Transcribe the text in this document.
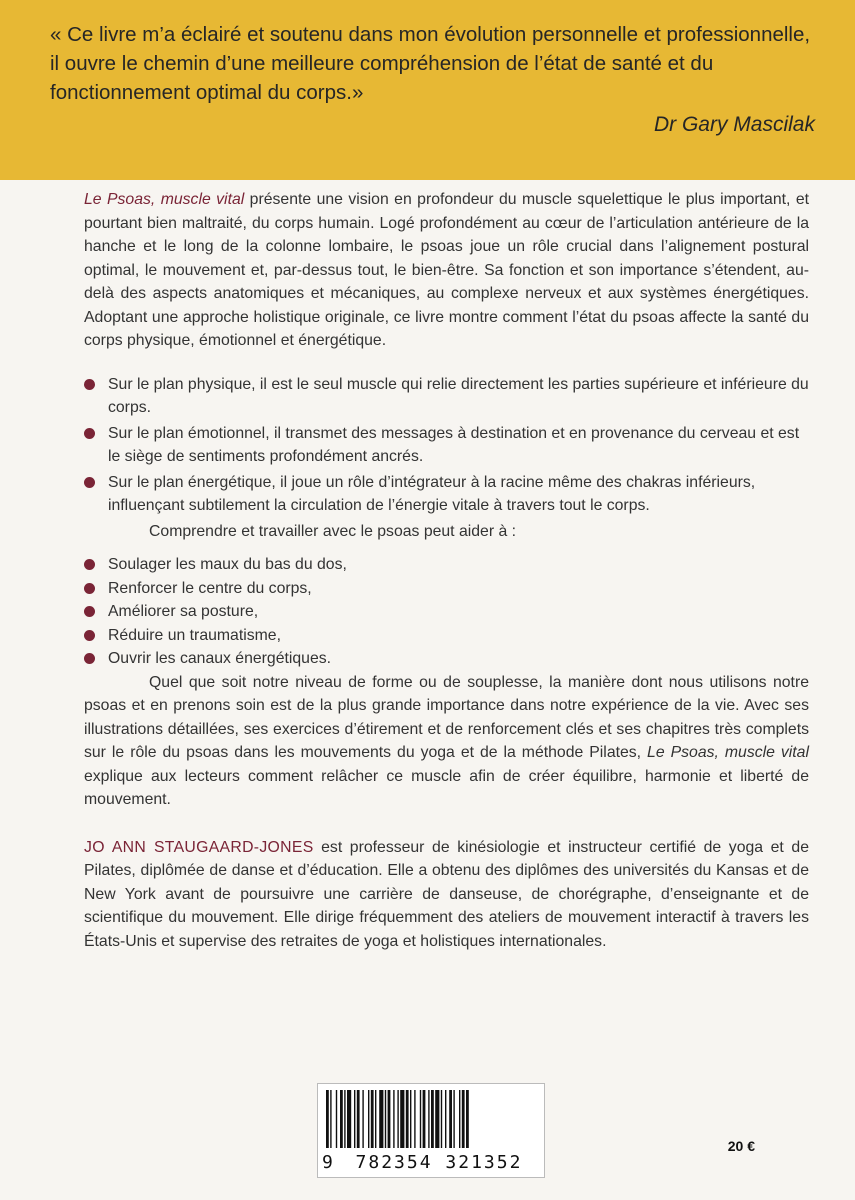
« Ce livre m’a éclairé et soutenu dans mon évolution personnelle et professionnelle, il ouvre le chemin d’une meilleure compréhension de l’état de santé et du fonctionnement optimal du corps.»

Dr Gary Mascilak

Le Psoas, muscle vital présente une vision en profondeur du muscle squelettique le plus important, et pourtant bien maltraité, du corps humain. Logé profondément au cœur de l’articulation antérieure de la hanche et le long de la colonne lombaire, le psoas joue un rôle crucial dans l’alignement postural optimal, le mouvement et, par-dessus tout, le bien-être. Sa fonction et son importance s’étendent, au-delà des aspects anatomiques et mécaniques, au complexe nerveux et aux systèmes énergétiques. Adoptant une approche holistique originale, ce livre montre comment l’état du psoas affecte la santé du corps physique, émotionnel et énergétique.

Sur le plan physique, il est le seul muscle qui relie directement les parties supérieure et inférieure du corps.
Sur le plan émotionnel, il transmet des messages à destination et en provenance du cerveau et est le siège de sentiments profondément ancrés.
Sur le plan énergétique, il joue un rôle d’intégrateur à la racine même des chakras inférieurs, influençant subtilement la circulation de l’énergie vitale à travers tout le corps.

Comprendre et travailler avec le psoas peut aider à :

Soulager les maux du bas du dos,
Renforcer le centre du corps,
Améliorer sa posture,
Réduire un traumatisme,
Ouvrir les canaux énergétiques.

Quel que soit notre niveau de forme ou de souplesse, la manière dont nous utilisons notre psoas et en prenons soin est de la plus grande importance dans notre expérience de la vie. Avec ses illustrations détaillées, ses exercices d’étirement et de renforcement clés et ses chapitres très complets sur le rôle du psoas dans les mouvements du yoga et de la méthode Pilates, Le Psoas, muscle vital explique aux lecteurs comment relâcher ce muscle afin de créer équilibre, harmonie et liberté de mouvement.

JO ANN STAUGAARD-JONES est professeur de kinésiologie et instructeur certifié de yoga et de Pilates, diplômée de danse et d’éducation. Elle a obtenu des diplômes des universités du Kansas et de New York avant de poursuivre une carrière de danseuse, de chorégraphe, d’enseignante et de scientifique du mouvement. Elle dirige fréquemment des ateliers de mouvement interactif à travers les États-Unis et supervise des retraites de yoga et holistiques internationales.

9	782354 321352
20 €
